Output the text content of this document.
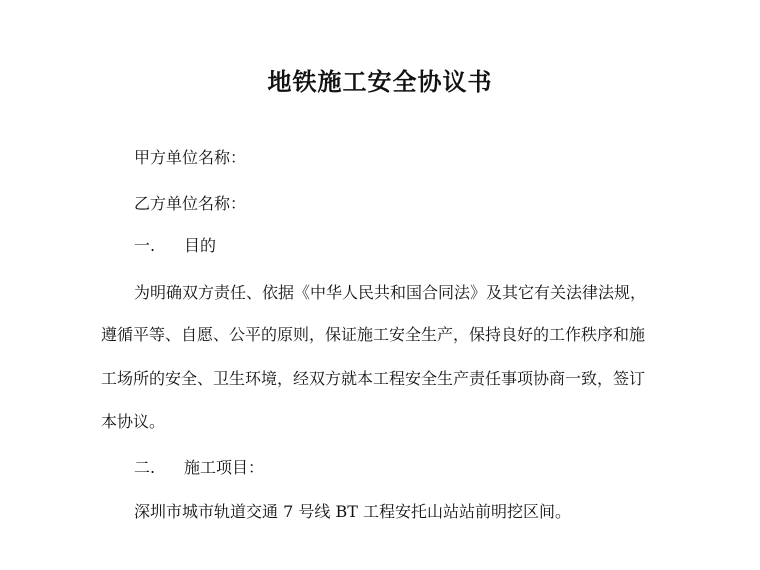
地铁施工安全协议书

甲方单位名称：

乙方单位名称：

一. 目的

为明确双方责任、依据《中华人民共和国合同法》及其它有关法律法规，

遵循平等、自愿、公平的原则，保证施工安全生产，保持良好的工作秩序和施

工场所的安全、卫生环境，经双方就本工程安全生产责任事项协商一致，签订

本协议。

二. 施工项目：

深圳市城市轨道交通 7 号线 BT 工程安托山站站前明挖区间。
